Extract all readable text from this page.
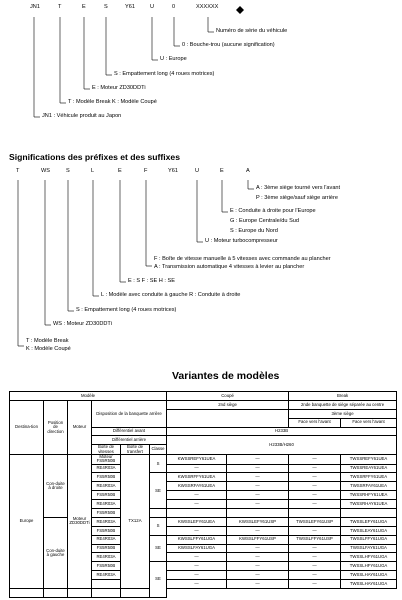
JN1	T	E	S	Y61	U	0	XXXXXX
Numéro de série du véhicule
0 : Bouche-trou (aucune signification)
U : Europe
S : Empattement long (4 roues motrices)
E : Moteur ZD30DDTi
T : Modèle Break K : Modèle Coupé
JN1 : Véhicule produit au Japon
Significations des préfixes et des suffixes
T	WS	S	L	E	F	Y61	U	E	A
A : 3ème siège tourné vers l'avant
P : 3ème siège/sauf siège arrière
E : Conduite à droite pour l'Europe
G : Europe Centrale/du Sud
S : Europe du Nord
U : Moteur turbocompresseur
F : Boîte de vitesse manuelle à 5 vitesses avec commande au plancher
A : Transmission automatique 4 vitesses à levier au plancher
E : S F : SE H : SE
L : Modèle avec conduite à gauche R : Conduite à droite
S : Empattement long (4 roues motrices)
WS : Moteur ZD30DDTi
T : Modèle Break
K : Modèle Coupé
Variantes de modèles
Modèle						Coupé		Break	
Destina-tion	Position de direction	Moteur	Disposition de la banquette arrière			2nd siège		2nde banquette de siège séparée au centre	
								3ème siège	
								Face vers l'avant	Face vers l'avant
			Différentiel avant			H233B			
			Différentiel arrière			H233B/H260			
			Boîte de vitesses	Boîte de transfert	Classe				
Europe	Con-duite à droite	Moteur ZD30DDTi	Moteur FS5R50B	TX12A	S	KWSSREFY61UEA	—	—	TWSSREFY61UEA
			RE4R03A			—	—	—	TWSSREAY61UEA
			FS5R50B		SE	KWSSRFFY61UEA	—	—	TWSSRFFY61UEA
			RE4R03A			KWSSRFAY61UEA	—	—	TWSSRFAY61UEA
			FS5R50B			—	—	—	TWSSRHFY61UEA
			RE4R03A			—	—	—	TWSSRHAY61UEA
			FS5R50B						
	Con-duite à gauche		RE4R03A		S	KWSSLEFY61UEA	KWSSLEFY61USP	TWSSLEFY61USP	TWSSLEFY61UGA
			FS5R50B			—	—	—	TWSSLEAY61UGA
			RE4R03A		SE	KWSSLFFY61UGA	KWSSLFFY61USP	TWSSLFFY61USP	TWSSLFFY61UGA
			FS5R50B			KWSSLFAY61UGA	—	—	TWSSLFAY61UGA
			RE4R03A			—	—	—	TWSSLHFY61UGA
			FS5R50B		SE	—	—	—	TWSSLHFY61UGA
			RE4R03A			—	—	—	TWSSLHAY61UGA
						—	—	—	TWSSLHAY61UGA
